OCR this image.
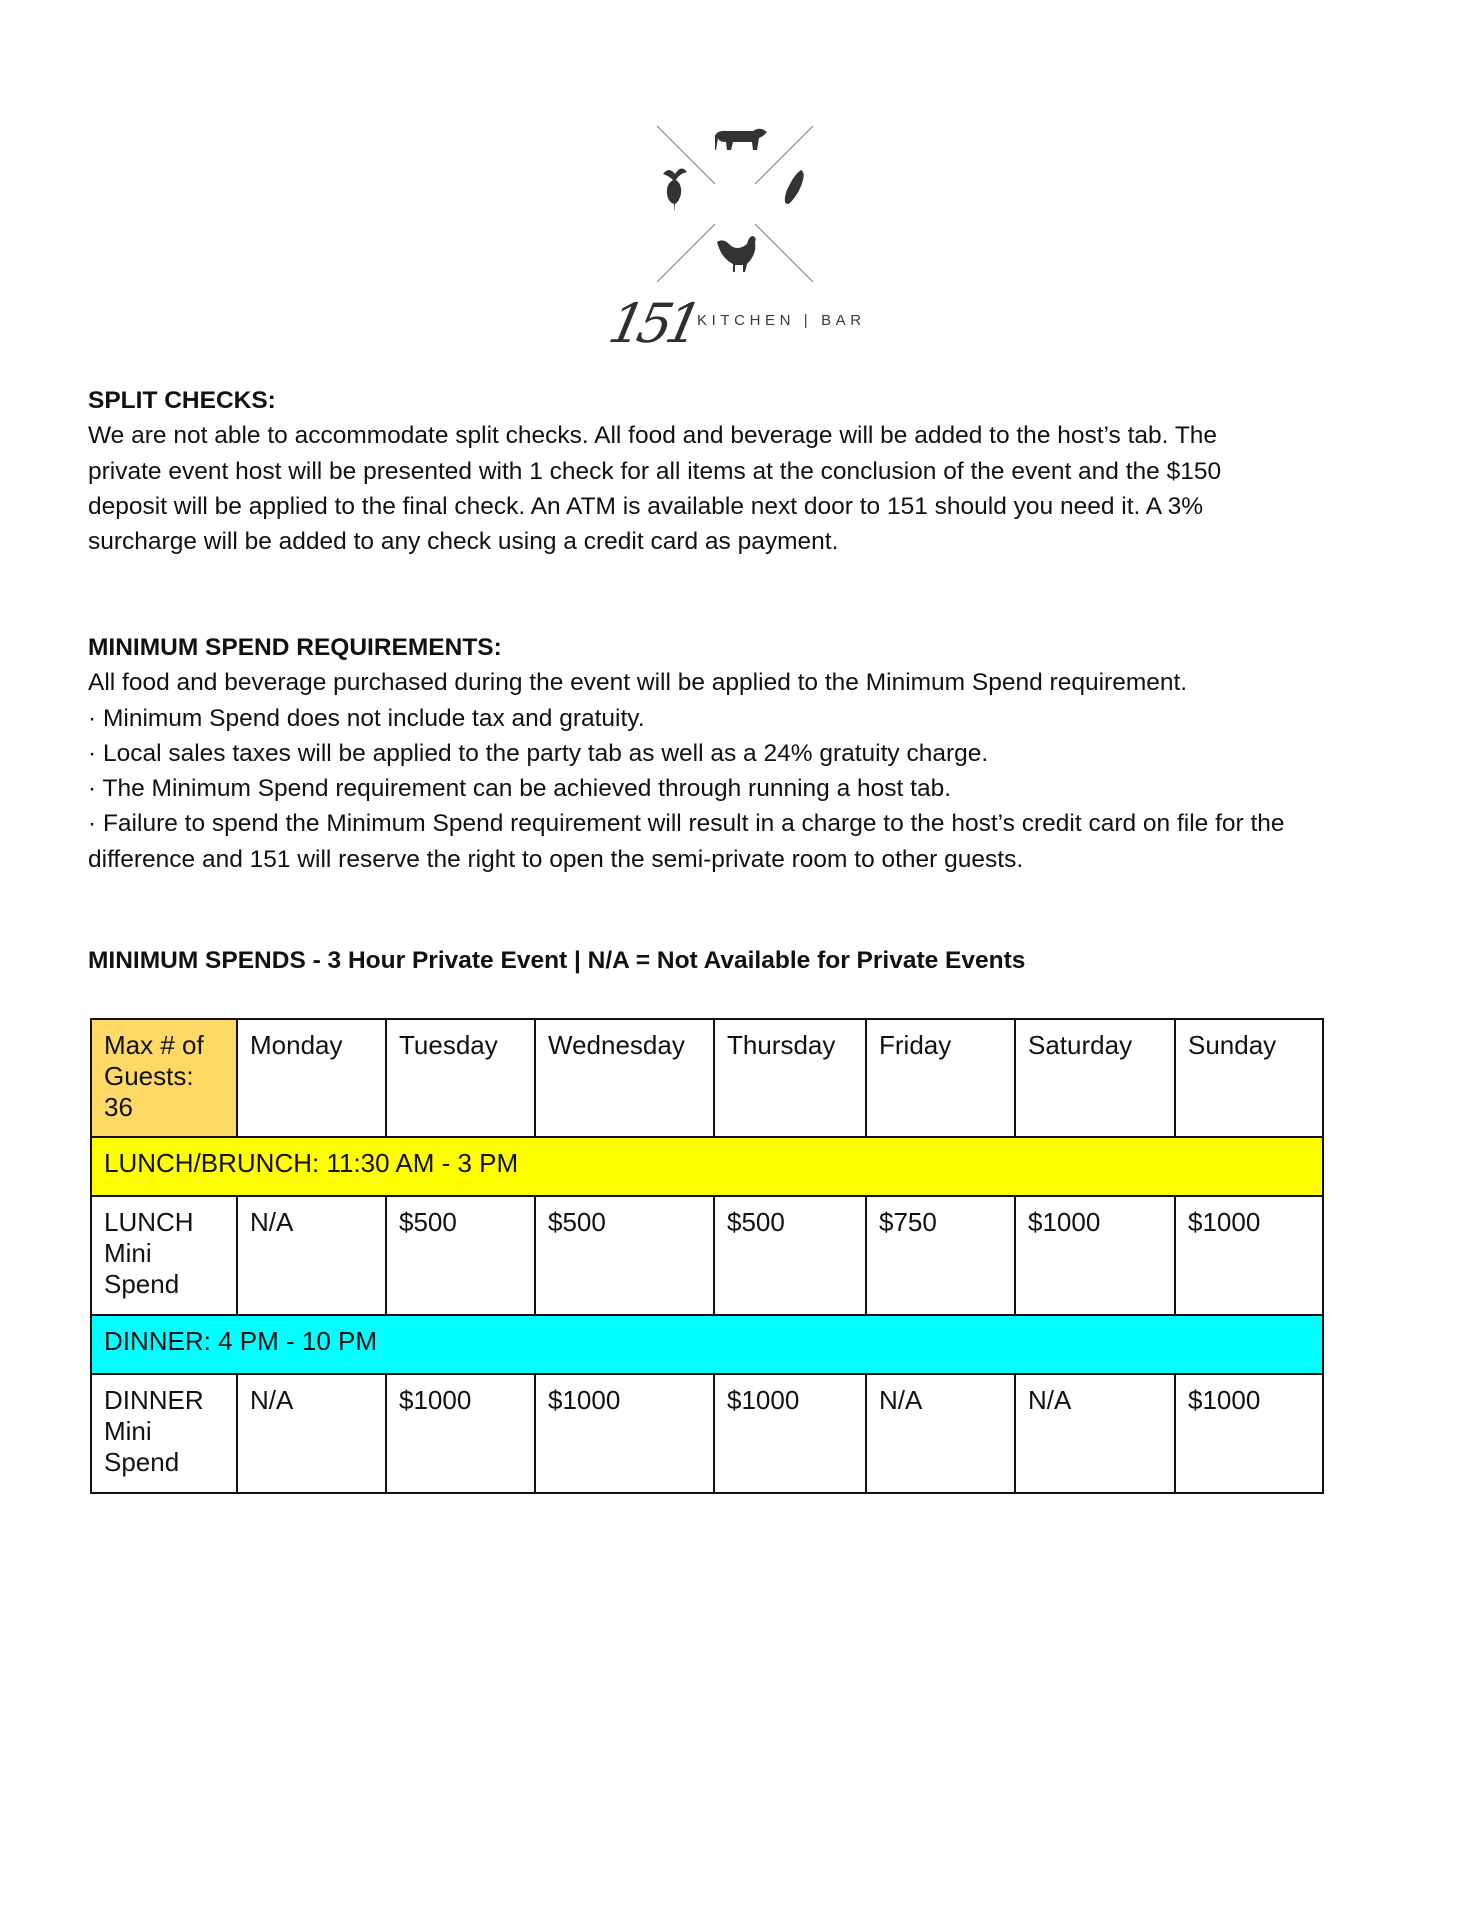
151
KITCHEN | BAR
SPLIT CHECKS:

We are not able to accommodate split checks. All food and beverage will be added to the host’s tab. The

private event host will be presented with 1 check for all items at the conclusion of the event and the $150

deposit will be applied to the final check. An ATM is available next door to 151 should you need it. A 3%

surcharge will be added to any check using a credit card as payment.

MINIMUM SPEND REQUIREMENTS:

All food and beverage purchased during the event will be applied to the Minimum Spend requirement.

· Minimum Spend does not include tax and gratuity.

· Local sales taxes will be applied to the party tab as well as a 24% gratuity charge.

· The Minimum Spend requirement can be achieved through running a host tab.

· Failure to spend the Minimum Spend requirement will result in a charge to the host’s credit card on file for the

difference and 151 will reserve the right to open the semi-private room to other guests.

MINIMUM SPENDS - 3 Hour Private Event | N/A = Not Available for Private Events
Max # of Guests: 36	Monday	Tuesday	Wednesday	Thursday	Friday	Saturday	Sunday
LUNCH/BRUNCH: 11:30 AM - 3 PM							
LUNCH Mini Spend	N/A	$500	$500	$500	$750	$1000	$1000
DINNER: 4 PM - 10 PM							
DINNER Mini Spend	N/A	$1000	$1000	$1000	N/A	N/A	$1000
